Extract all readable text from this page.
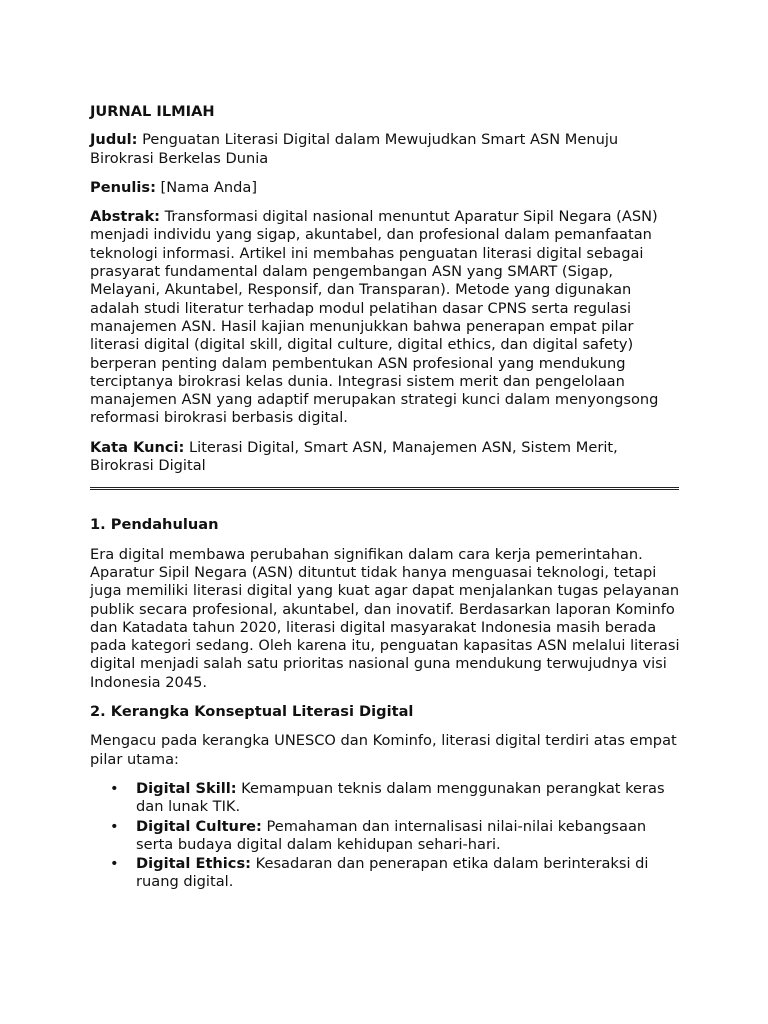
JURNAL ILMIAH
Judul: Penguatan Literasi Digital dalam Mewujudkan Smart ASN Menuju Birokrasi Berkelas Dunia
Penulis: [Nama Anda]
Abstrak: Transformasi digital nasional menuntut Aparatur Sipil Negara (ASN) menjadi individu yang sigap, akuntabel, dan profesional dalam pemanfaatan teknologi informasi. Artikel ini membahas penguatan literasi digital sebagai prasyarat fundamental dalam pengembangan ASN yang SMART (Sigap, Melayani, Akuntabel, Responsif, dan Transparan). Metode yang digunakan adalah studi literatur terhadap modul pelatihan dasar CPNS serta regulasi manajemen ASN. Hasil kajian menunjukkan bahwa penerapan empat pilar literasi digital (digital skill, digital culture, digital ethics, dan digital safety) berperan penting dalam pembentukan ASN profesional yang mendukung terciptanya birokrasi kelas dunia. Integrasi sistem merit dan pengelolaan manajemen ASN yang adaptif merupakan strategi kunci dalam menyongsong reformasi birokrasi berbasis digital.
Kata Kunci: Literasi Digital, Smart ASN, Manajemen ASN, Sistem Merit, Birokrasi Digital
1. Pendahuluan
Era digital membawa perubahan signifikan dalam cara kerja pemerintahan. Aparatur Sipil Negara (ASN) dituntut tidak hanya menguasai teknologi, tetapi juga memiliki literasi digital yang kuat agar dapat menjalankan tugas pelayanan publik secara profesional, akuntabel, dan inovatif. Berdasarkan laporan Kominfo dan Katadata tahun 2020, literasi digital masyarakat Indonesia masih berada pada kategori sedang. Oleh karena itu, penguatan kapasitas ASN melalui literasi digital menjadi salah satu prioritas nasional guna mendukung terwujudnya visi Indonesia 2045.
2. Kerangka Konseptual Literasi Digital
Mengacu pada kerangka UNESCO dan Kominfo, literasi digital terdiri atas empat pilar utama:
• Digital Skill: Kemampuan teknis dalam menggunakan perangkat keras dan lunak TIK.
• Digital Culture: Pemahaman dan internalisasi nilai-nilai kebangsaan serta budaya digital dalam kehidupan sehari-hari.
• Digital Ethics: Kesadaran dan penerapan etika dalam berinteraksi di ruang digital.
